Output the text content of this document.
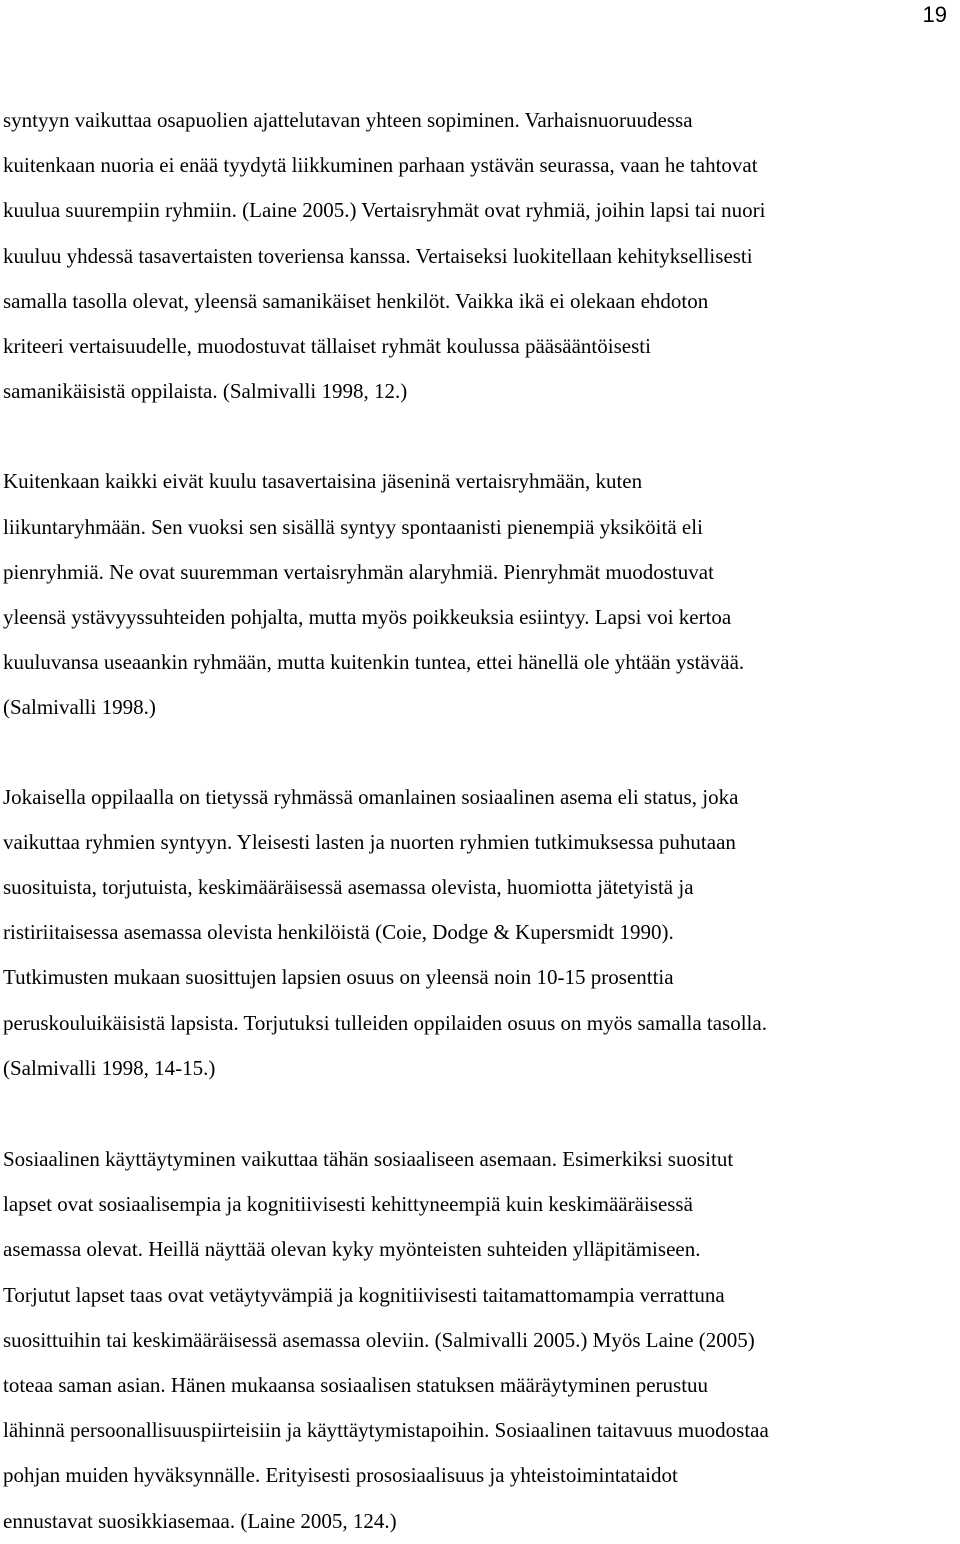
19

syntyyn vaikuttaa osapuolien ajattelutavan yhteen sopiminen. Varhaisnuoruudessa
kuitenkaan nuoria ei enää tyydytä liikkuminen parhaan ystävän seurassa, vaan he tahtovat
kuulua suurempiin ryhmiin. (Laine 2005.) Vertaisryhmät ovat ryhmiä, joihin lapsi tai nuori
kuuluu yhdessä tasavertaisten toveriensa kanssa. Vertaiseksi luokitellaan kehityksellisesti
samalla tasolla olevat, yleensä samanikäiset henkilöt. Vaikka ikä ei olekaan ehdoton
kriteeri vertaisuudelle, muodostuvat tällaiset ryhmät koulussa pääsääntöisesti
samanikäisistä oppilaista. (Salmivalli 1998, 12.)

Kuitenkaan kaikki eivät kuulu tasavertaisina jäseninä vertaisryhmään, kuten
liikuntaryhmään. Sen vuoksi sen sisällä syntyy spontaanisti pienempiä yksiköitä eli
pienryhmiä. Ne ovat suuremman vertaisryhmän alaryhmiä. Pienryhmät muodostuvat
yleensä ystävyyssuhteiden pohjalta, mutta myös poikkeuksia esiintyy. Lapsi voi kertoa
kuuluvansa useaankin ryhmään, mutta kuitenkin tuntea, ettei hänellä ole yhtään ystävää.
(Salmivalli 1998.)

Jokaisella oppilaalla on tietyssä ryhmässä omanlainen sosiaalinen asema eli status, joka
vaikuttaa ryhmien syntyyn. Yleisesti lasten ja nuorten ryhmien tutkimuksessa puhutaan
suosituista, torjutuista, keskimääräisessä asemassa olevista, huomiotta jätetyistä ja
ristiriitaisessa asemassa olevista henkilöistä (Coie, Dodge & Kupersmidt 1990).
Tutkimusten mukaan suosittujen lapsien osuus on yleensä noin 10-15 prosenttia
peruskouluikäisistä lapsista. Torjutuksi tulleiden oppilaiden osuus on myös samalla tasolla.
(Salmivalli 1998, 14-15.)

Sosiaalinen käyttäytyminen vaikuttaa tähän sosiaaliseen asemaan. Esimerkiksi suositut
lapset ovat sosiaalisempia ja kognitiivisesti kehittyneempiä kuin keskimääräisessä
asemassa olevat. Heillä näyttää olevan kyky myönteisten suhteiden ylläpitämiseen.
Torjutut lapset taas ovat vetäytyvämpiä ja kognitiivisesti taitamattomampia verrattuna
suosittuihin tai keskimääräisessä asemassa oleviin. (Salmivalli 2005.) Myös Laine (2005)
toteaa saman asian. Hänen mukaansa sosiaalisen statuksen määräytyminen perustuu
lähinnä persoonallisuuspiirteisiin ja käyttäytymistapoihin. Sosiaalinen taitavuus muodostaa
pohjan muiden hyväksynnälle. Erityisesti prososiaalisuus ja yhteistoimintataidot
ennustavat suosikkiasemaa. (Laine 2005, 124.)
